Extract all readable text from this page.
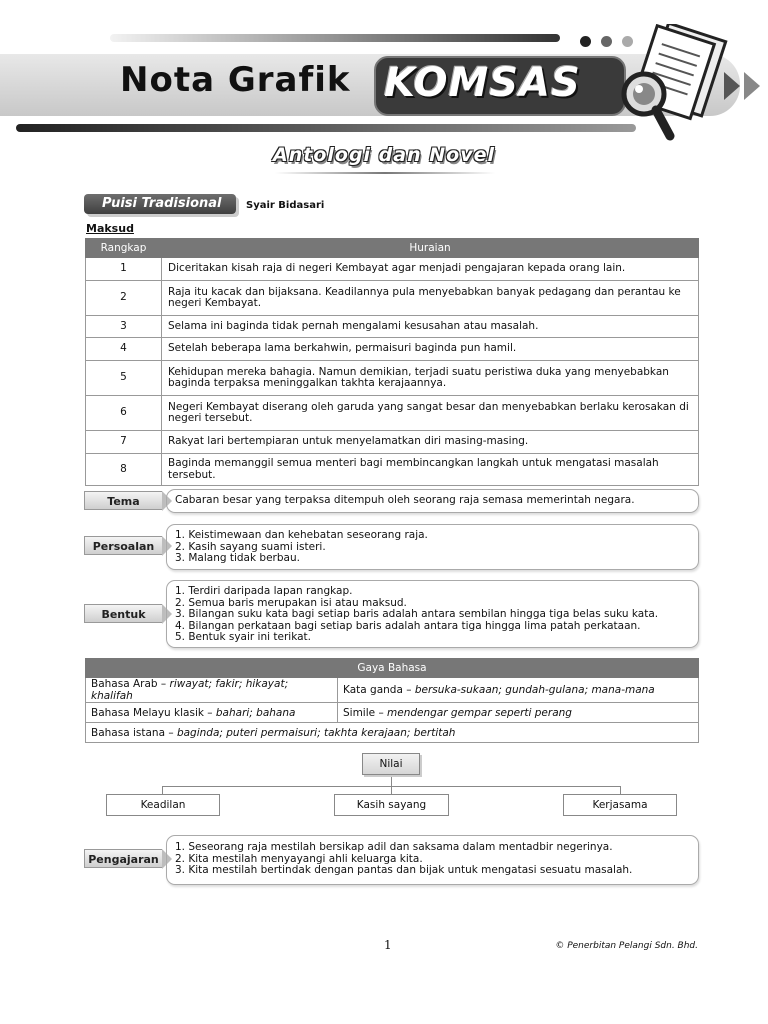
Nota Grafik KOMSAS
Antologi dan Novel
Puisi Tradisional	Syair Bidasari
Maksud
Rangkap	Huraian
1	Diceritakan kisah raja di negeri Kembayat agar menjadi pengajaran kepada orang lain.
2	Raja itu kacak dan bijaksana. Keadilannya pula menyebabkan banyak pedagang dan perantau ke negeri Kembayat.
3	Selama ini baginda tidak pernah mengalami kesusahan atau masalah.
4	Setelah beberapa lama berkahwin, permaisuri baginda pun hamil.
5	Kehidupan mereka bahagia. Namun demikian, terjadi suatu peristiwa duka yang menyebabkan baginda terpaksa meninggalkan takhta kerajaannya.
6	Negeri Kembayat diserang oleh garuda yang sangat besar dan menyebabkan berlaku kerosakan di negeri tersebut.
7	Rakyat lari bertempiaran untuk menyelamatkan diri masing-masing.
8	Baginda memanggil semua menteri bagi membincangkan langkah untuk mengatasi masalah tersebut.
Tema	Cabaran besar yang terpaksa ditempuh oleh seorang raja semasa memerintah negara.
Persoalan
1. Keistimewaan dan kehebatan seseorang raja.
2. Kasih sayang suami isteri.
3. Malang tidak berbau.
Bentuk
1. Terdiri daripada lapan rangkap.
2. Semua baris merupakan isi atau maksud.
3. Bilangan suku kata bagi setiap baris adalah antara sembilan hingga tiga belas suku kata.
4. Bilangan perkataan bagi setiap baris adalah antara tiga hingga lima patah perkataan.
5. Bentuk syair ini terikat.
Gaya Bahasa	
Bahasa Arab – riwayat; fakir; hikayat; khalifah	Kata ganda – bersuka-sukaan; gundah-gulana; mana-mana
Bahasa Melayu klasik – bahari; bahana	Simile – mendengar gempar seperti perang
Bahasa istana – baginda; puteri permaisuri; takhta kerajaan; bertitah	
Nilai
Keadilan	Kasih sayang	Kerjasama
Pengajaran
1. Seseorang raja mestilah bersikap adil dan saksama dalam mentadbir negerinya.
2. Kita mestilah menyayangi ahli keluarga kita.
3. Kita mestilah bertindak dengan pantas dan bijak untuk mengatasi sesuatu masalah.
1	© Penerbitan Pelangi Sdn. Bhd.
